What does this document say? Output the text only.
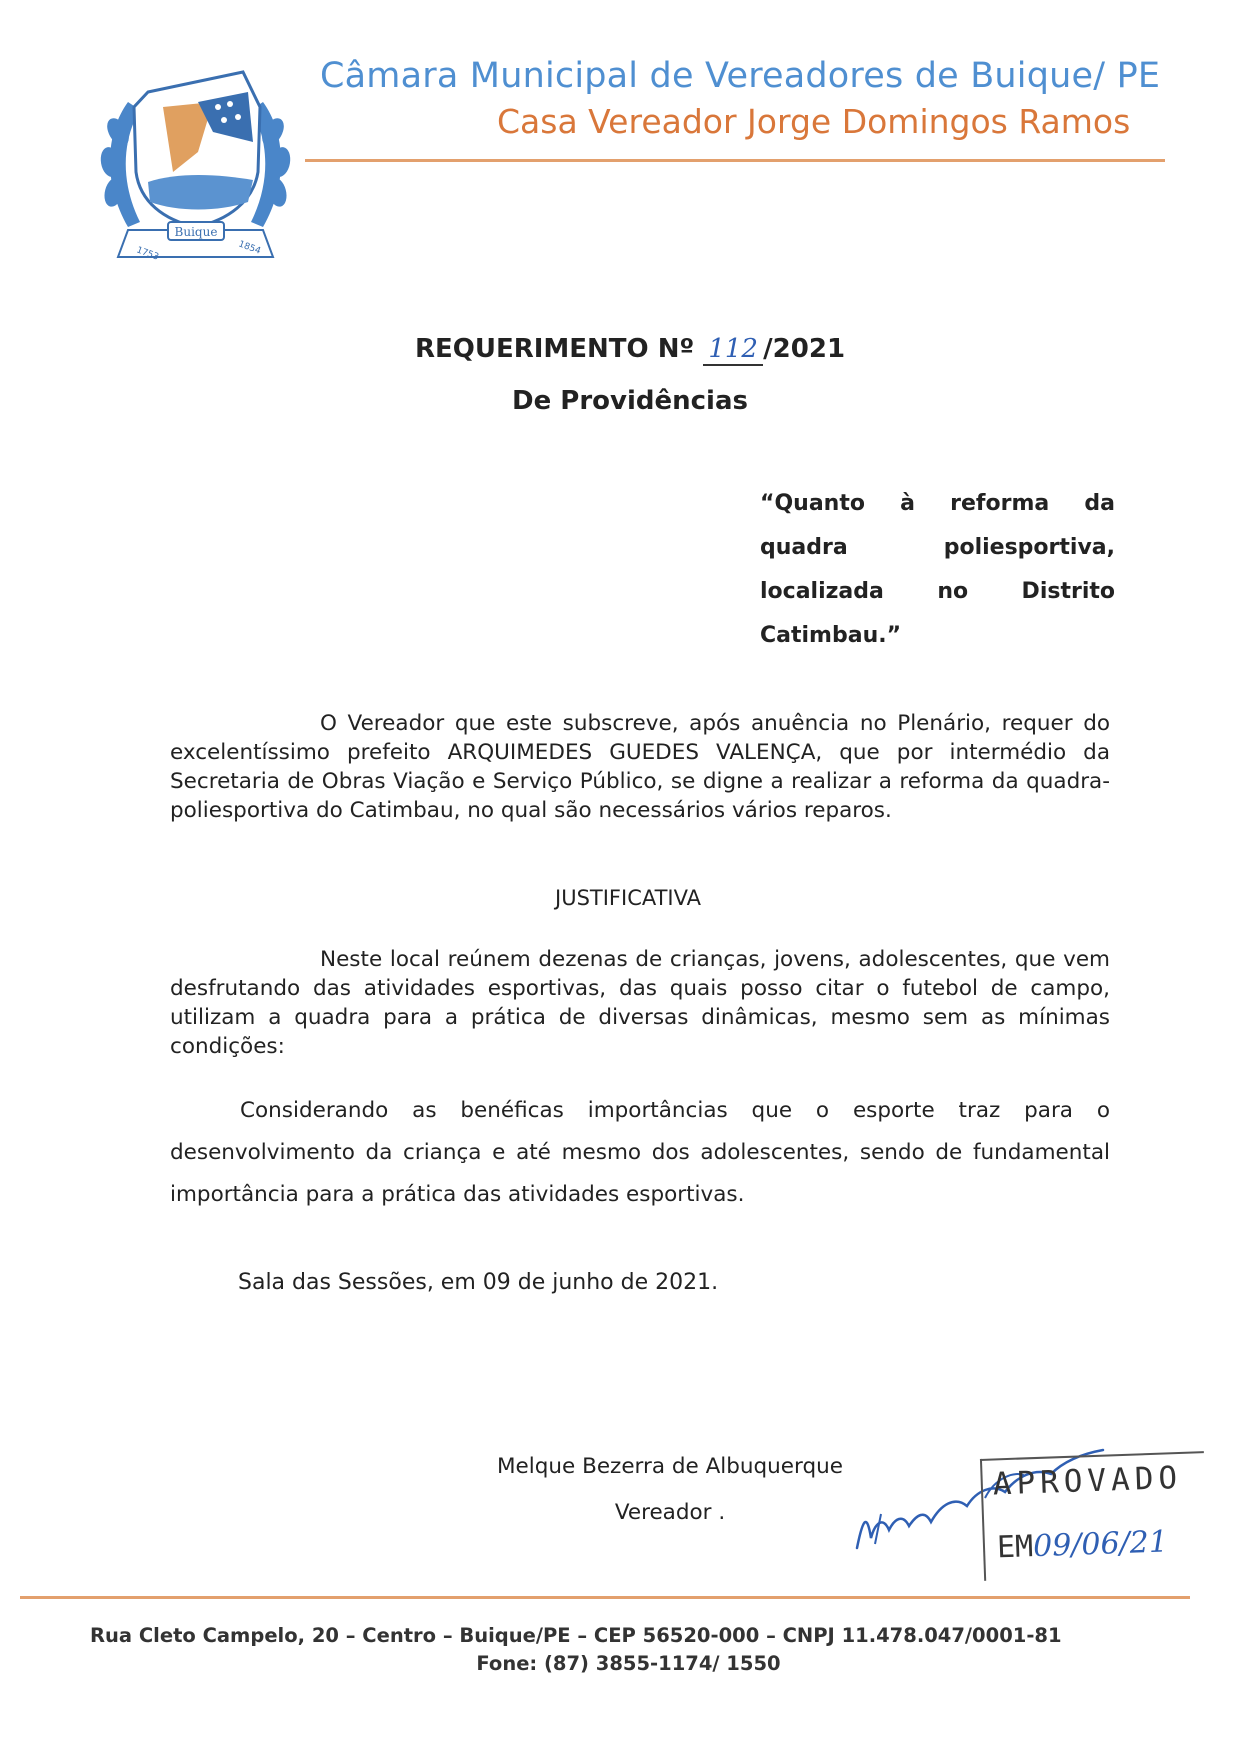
Buique
1753	1854
Câmara Municipal de Vereadores de Buique/ PE
Casa Vereador Jorge Domingos Ramos
REQUERIMENTO Nº 112 /2021
De Providências
“Quanto à reforma da
quadra poliesportiva,
localizada no Distrito
Catimbau.”
O Vereador que este subscreve, após anuência no Plenário, requer do excelentíssimo prefeito ARQUIMEDES GUEDES VALENÇA, que por intermédio da Secretaria de Obras Viação e Serviço Público, se digne a realizar a reforma da quadra-poliesportiva do Catimbau, no qual são necessários vários reparos.
JUSTIFICATIVA
Neste local reúnem dezenas de crianças, jovens, adolescentes, que vem desfrutando das atividades esportivas, das quais posso citar o futebol de campo, utilizam a quadra para a prática de diversas dinâmicas, mesmo sem as mínimas condições:
Considerando as benéficas importâncias que o esporte traz para o desenvolvimento da criança e até mesmo dos adolescentes, sendo de fundamental importância para a prática das atividades esportivas.
Sala das Sessões, em 09 de junho de 2021.
Melque Bezerra de Albuquerque
Vereador .
APROVADO
EM09/06/21
Rua Cleto Campelo, 20 – Centro – Buique/PE – CEP 56520-000 – CNPJ 11.478.047/0001-81
Fone: (87) 3855-1174/ 1550
